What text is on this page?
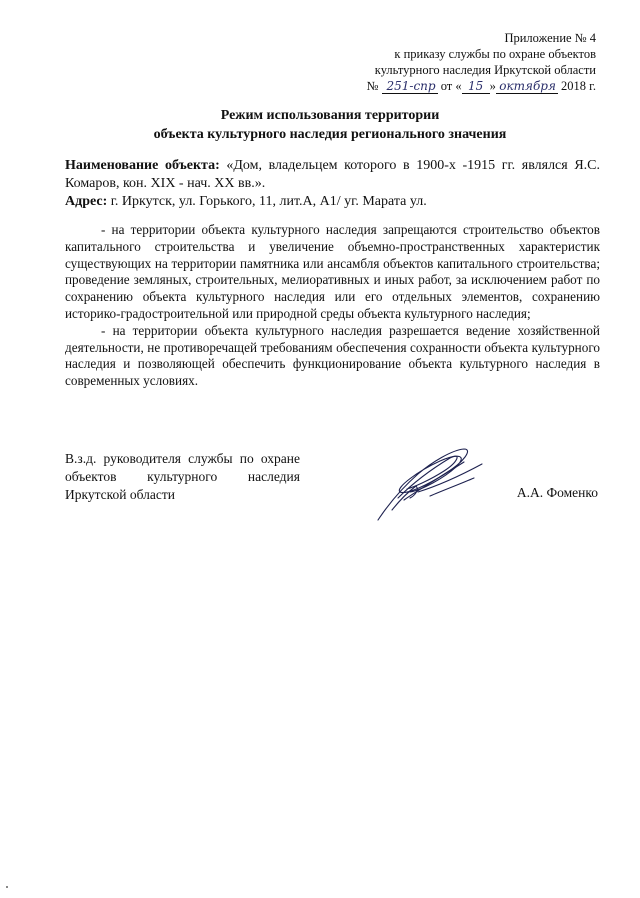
Приложение № 4
к приказу службы по охране объектов
культурного наследия Иркутской области
№ 251-спр от « 15 » октября 2018 г.
Режим использования территории
объекта культурного наследия регионального значения

Наименование объекта: «Дом, владельцем которого в 1900-х -1915 гг. являлся Я.С. Комаров, кон. XIX - нач. XX вв.».

Адрес: г. Иркутск, ул. Горького, 11, лит.А, А1/ уг. Марата ул.

- на территории объекта культурного наследия запрещаются строительство объектов капитального строительства и увеличение объемно-пространственных характеристик существующих на территории памятника или ансамбля объектов капитального строительства; проведение земляных, строительных, мелиоративных и иных работ, за исключением работ по сохранению объекта культурного наследия или его отдельных элементов, сохранению историко-градостроительной или природной среды объекта культурного наследия;

- на территории объекта культурного наследия разрешается ведение хозяйственной деятельности, не противоречащей требованиям обеспечения сохранности объекта культурного наследия и позволяющей обеспечить функционирование объекта культурного наследия в современных условиях.

В.з.д. руководителя службы по охране объектов культурного наследия Иркутской области	А.А. Фоменко
